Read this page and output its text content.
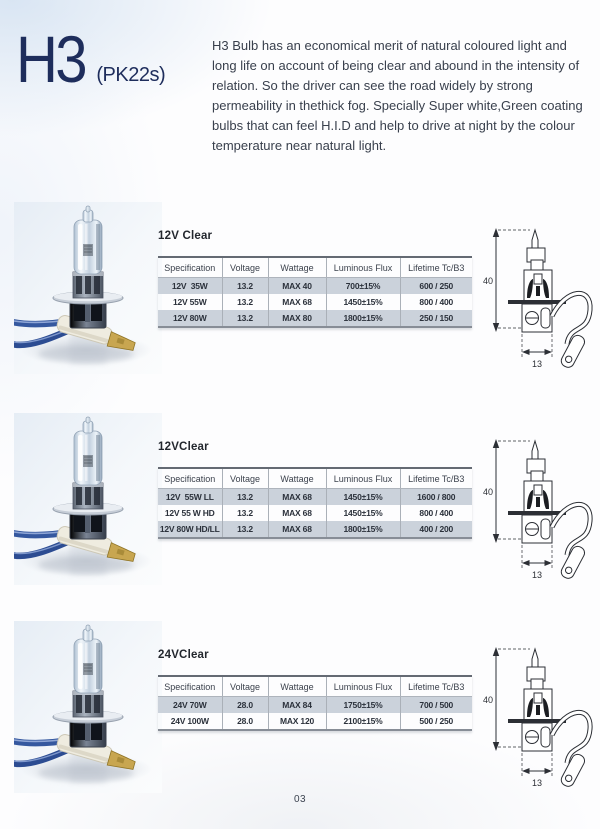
H3 (PK22s)

H3 Bulb has an economical merit of natural coloured light and long life on account of being clear and abound in the intensity of relation. So the driver can see the road widely by strong permeability in thethick fog. Specially Super white,Green coating bulbs that can feel H.I.D and help to drive at night by the colour temperature near natural light.

12V Clear
Specification	Voltage	Wattage	Luminous Flux	Lifetime Tc/B3
12V  35W	13.2	MAX 40	700±15%	600 / 250
12V 55W	13.2	MAX 68	1450±15%	800 / 400
12V 80W	13.2	MAX 80	1800±15%	250 / 150
40
13
12VClear
Specification	Voltage	Wattage	Luminous Flux	Lifetime Tc/B3
12V  55W LL	13.2	MAX 68	1450±15%	1600 / 800
12V 55 W HD	13.2	MAX 68	1450±15%	800 / 400
12V 80W HD/LL	13.2	MAX 68	1800±15%	400 / 200
40
13
24VClear
Specification	Voltage	Wattage	Luminous Flux	Lifetime Tc/B3
24V 70W	28.0	MAX 84	1750±15%	700 / 500
24V 100W	28.0	MAX 120	2100±15%	500 / 250
40
13
03
